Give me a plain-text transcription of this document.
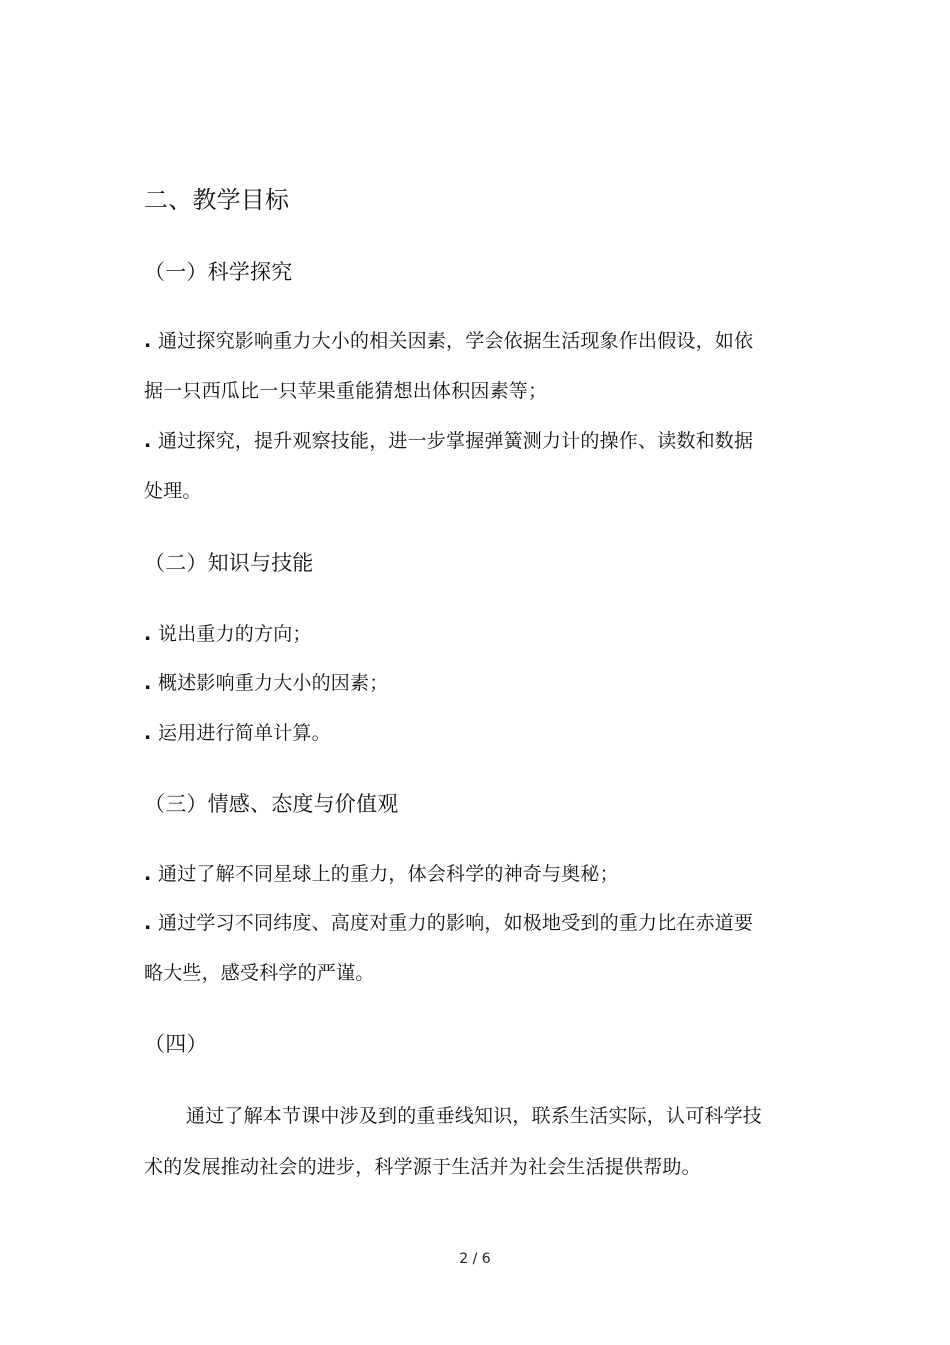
二、教学目标
（一）科学探究
. 通过探究影响重力大小的相关因素，学会依据生活现象作出假设，如依
据一只西瓜比一只苹果重能猜想出体积因素等；
. 通过探究，提升观察技能，进一步掌握弹簧测力计的操作、读数和数据
处理。
（二）知识与技能
. 说出重力的方向；
. 概述影响重力大小的因素；
. 运用进行简单计算。
（三）情感、态度与价值观
. 通过了解不同星球上的重力，体会科学的神奇与奥秘；
. 通过学习不同纬度、高度对重力的影响，如极地受到的重力比在赤道要
略大些，感受科学的严谨。
（四）
通过了解本节课中涉及到的重垂线知识，联系生活实际，认可科学技
术的发展推动社会的进步，科学源于生活并为社会生活提供帮助。
2 / 6
